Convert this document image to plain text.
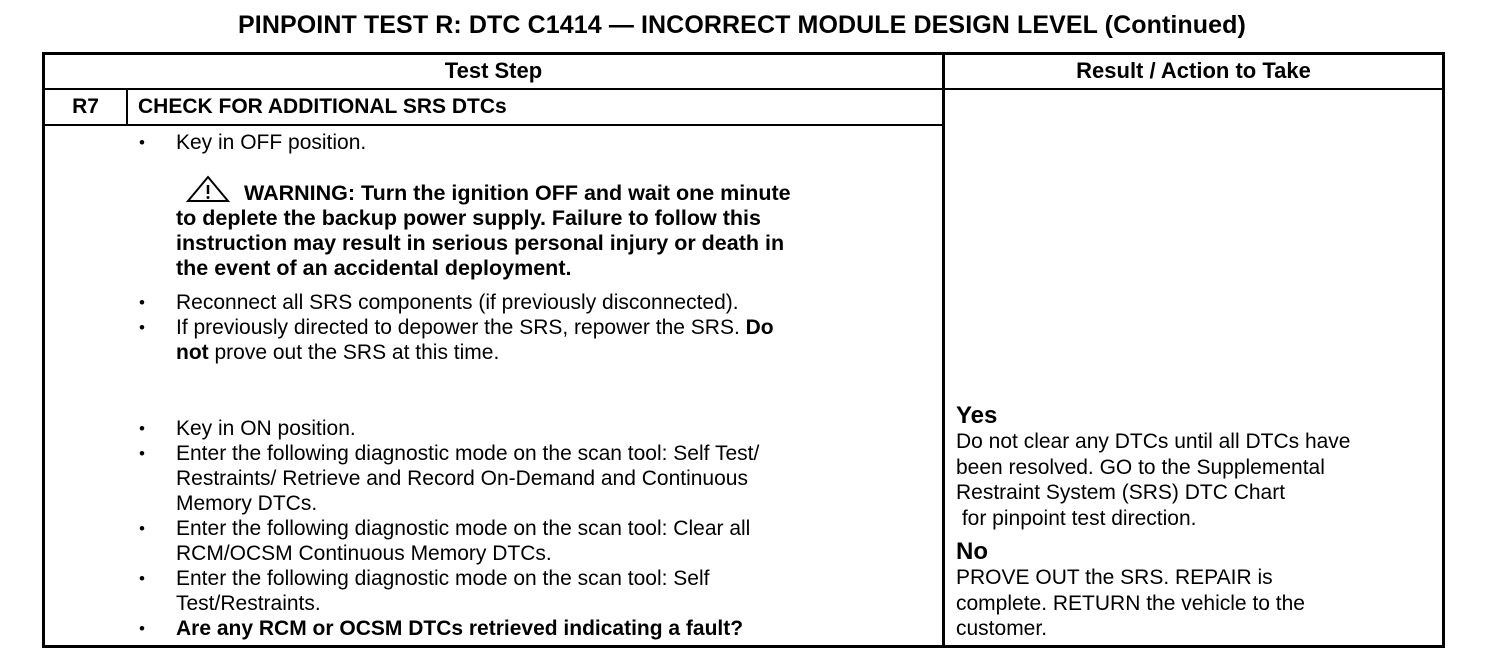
PINPOINT TEST R: DTC C1414 — INCORRECT MODULE DESIGN LEVEL (Continued)
Test Step	Result / Action to Take
R7	CHECK FOR ADDITIONAL SRS DTCs
• Key in OFF position.
WARNING: Turn the ignition OFF and wait one minute
to deplete the backup power supply. Failure to follow this
instruction may result in serious personal injury or death in
the event of an accidental deployment.
• Reconnect all SRS components (if previously disconnected).
• If previously directed to depower the SRS, repower the SRS. Do
not prove out the SRS at this time.
• Key in ON position.
• Enter the following diagnostic mode on the scan tool: Self Test/
Restraints/ Retrieve and Record On-Demand and Continuous
Memory DTCs.
• Enter the following diagnostic mode on the scan tool: Clear all
RCM/OCSM Continuous Memory DTCs.
• Enter the following diagnostic mode on the scan tool: Self
Test/Restraints.
• Are any RCM or OCSM DTCs retrieved indicating a fault?
Yes
Do not clear any DTCs until all DTCs have
been resolved. GO to the Supplemental
Restraint System (SRS) DTC Chart
for pinpoint test direction.
No
PROVE OUT the SRS. REPAIR is
complete. RETURN the vehicle to the
customer.
